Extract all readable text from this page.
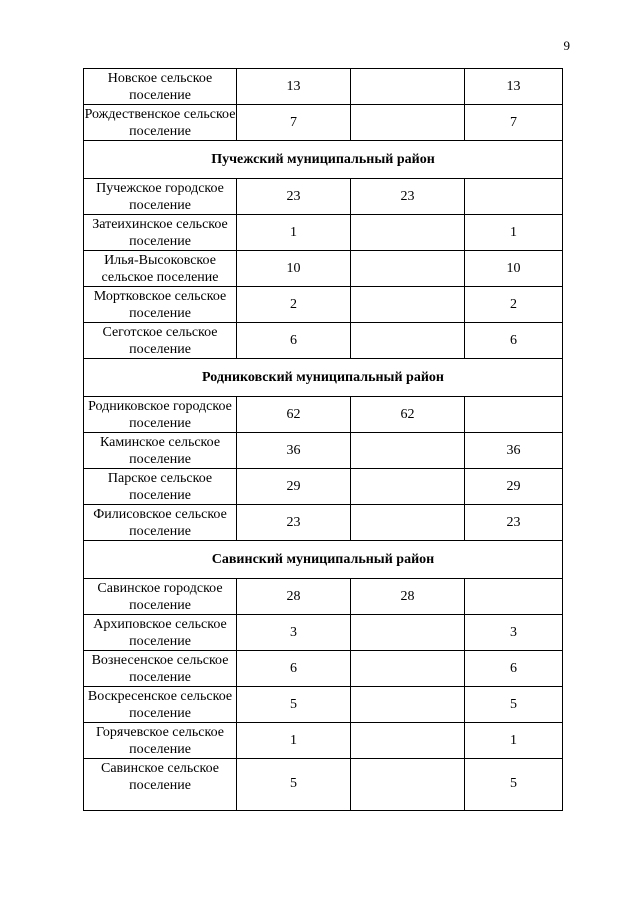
9
Новское сельское поселение	13		13
Рождественское сельское поселение	7		7
Пучежский муниципальный район			
Пучежское городское поселение	23	23	
Затеихинское сельское поселение	1		1
Илья-Высоковское сельское поселение	10		10
Мортковское сельское поселение	2		2
Сеготское сельское поселение	6		6
Родниковский муниципальный район			
Родниковское городское поселение	62	62	
Каминское сельское поселение	36		36
Парское сельское поселение	29		29
Филисовское сельское поселение	23		23
Савинский муниципальный район			
Савинское городское поселение	28	28	
Архиповское сельское поселение	3		3
Вознесенское сельское поселение	6		6
Воскресенское сельское поселение	5		5
Горячевское сельское поселение	1		1
Савинское сельское поселение	5		5
